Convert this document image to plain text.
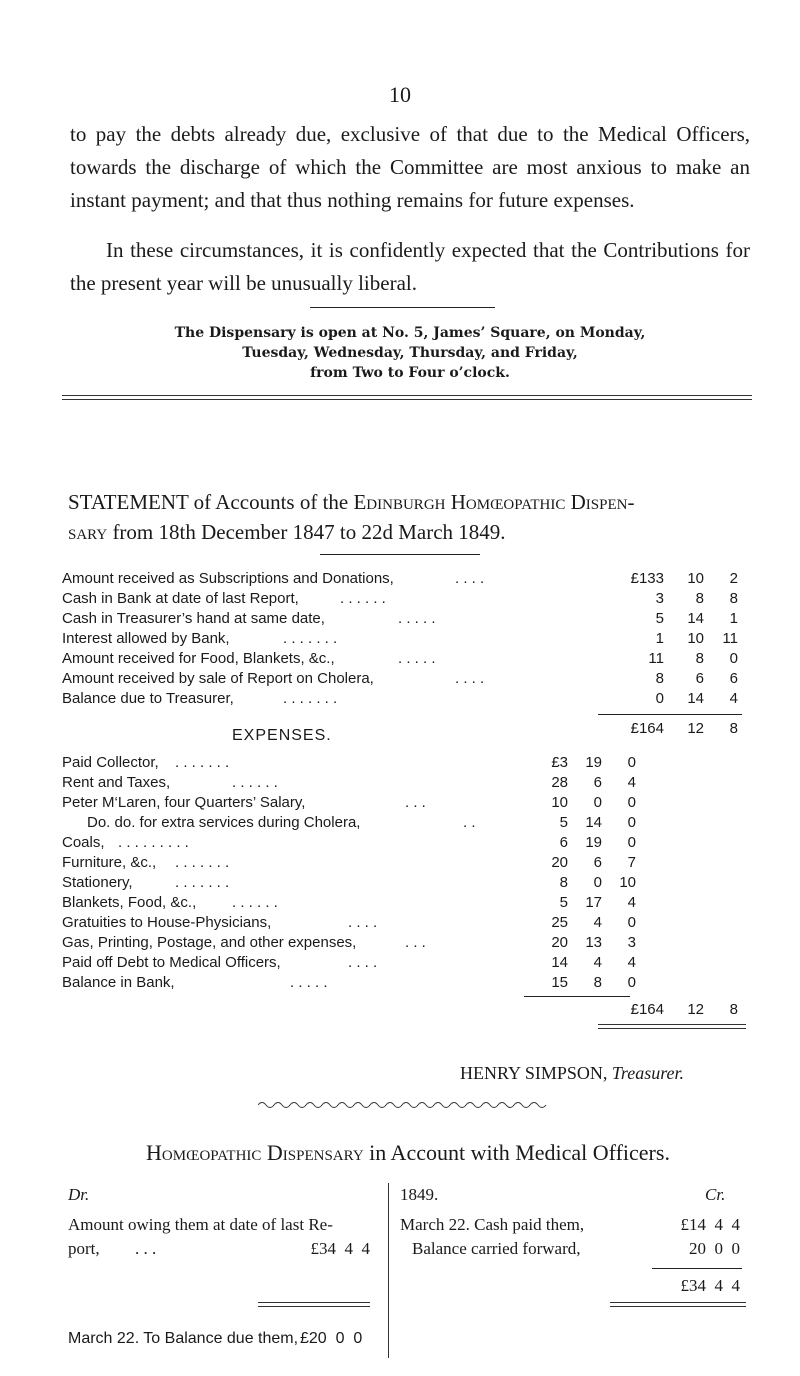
10
to pay the debts already due, exclusive of that due to the Medical Officers, towards the discharge of which the Committee are most anxious to make an instant payment; and that thus nothing remains for future expenses.
In these circumstances, it is confidently expected that the Contributions for the present year will be unusually liberal.
The Dispensary is open at No. 5, James’ Square, on Monday,
Tuesday, Wednesday, Thursday, and Friday,
from Two to Four o’clock.
STATEMENT of Accounts of the Edinburgh Homœopathic Dispen-
sary from 18th December 1847 to 22d March 1849.
Amount received as Subscriptions and Donations,	. . . .	£133	10	2
Cash in Bank at date of last Report,	. . . . . .	3	8	8
Cash in Treasurer’s hand at same date,	. . . . .	5	14	1
Interest allowed by Bank,	. . . . . . .	1	10	11
Amount received for Food, Blankets, &c.,	. . . . .	11	8	0
Amount received by sale of Report on Cholera,	. . . .	8	6	6
Balance due to Treasurer,	. . . . . . .	0	14	4
£164	12	8
EXPENSES.
Paid Collector, . . . . . . .	£3	19	0
Rent and Taxes,	. . . . . .	28	6	4
Peter M‘Laren, four Quarters’ Salary,	. . .	10	0	0
Do. do. for extra services during Cholera,	. .	5	14	0
Coals, . . . . . . . . .	6	19	0
Furniture, &c., . . . . . . .	20	6	7
Stationery,	. . . . . . .	8	0	10
Blankets, Food, &c., . . . . . .	5	17	4
Gratuities to House-Physicians,	. . . .	25	4	0
Gas, Printing, Postage, and other expenses,	. . .	20	13	3
Paid off Debt to Medical Officers,	. . . .	14	4	4
Balance in Bank,	. . . . .	15	8	0
£164	12	8
HENRY SIMPSON, Treasurer.
Homœopathic Dispensary in Account with Medical Officers.
Dr.
Amount owing them at date of last Re-
port,	. . .	£34  4  4
March 22. To Balance due them, £20  0  0
1849.	Cr.
March 22. Cash paid them,	£14  4  4
Balance carried forward,	20  0  0
£34  4  4
